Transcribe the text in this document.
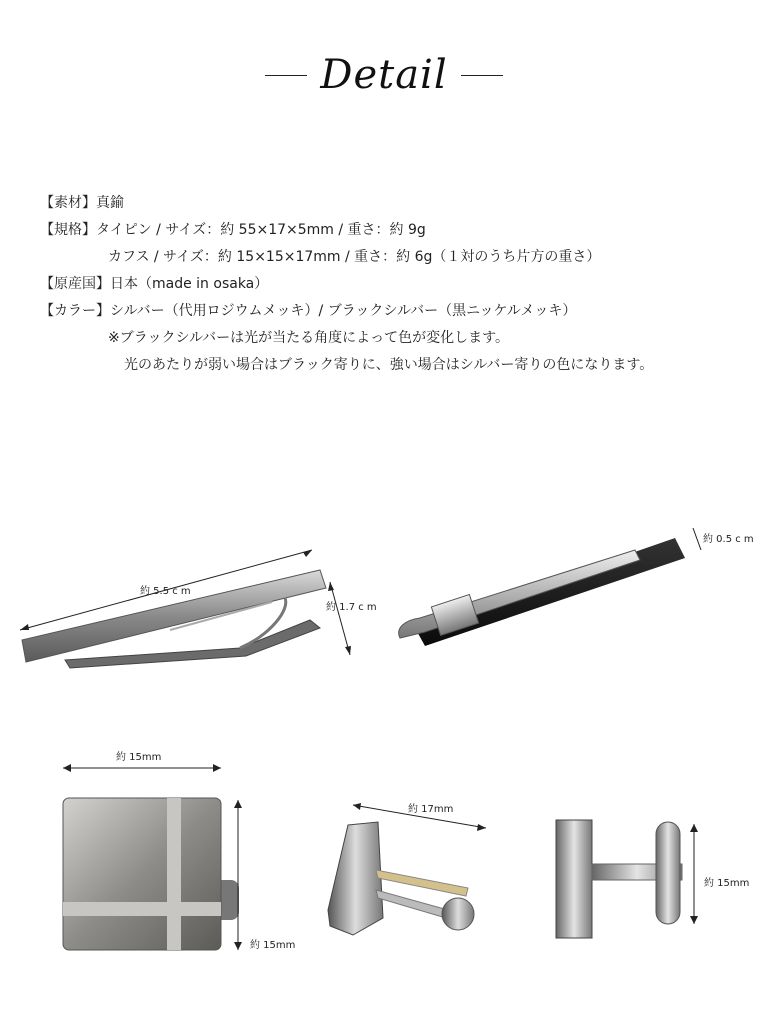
Detail
【素材】真鍮
【規格】タイピン / サイズ：約 55×17×5mm / 重さ：約 9g
カフス / サイズ：約 15×15×17mm / 重さ：約 6g（１対のうち片方の重さ）
【原産国】日本（made in osaka）
【カラー】シルバー（代用ロジウムメッキ）/ ブラックシルバー（黒ニッケルメッキ）
※ブラックシルバーは光が当たる角度によって色が変化します。
光のあたりが弱い場合はブラック寄りに、強い場合はシルバー寄りの色になります。
約 5.5 c m
約 1.7 c m
約 0.5 c m
約 15mm
約 15mm
約 17mm
約 15mm
